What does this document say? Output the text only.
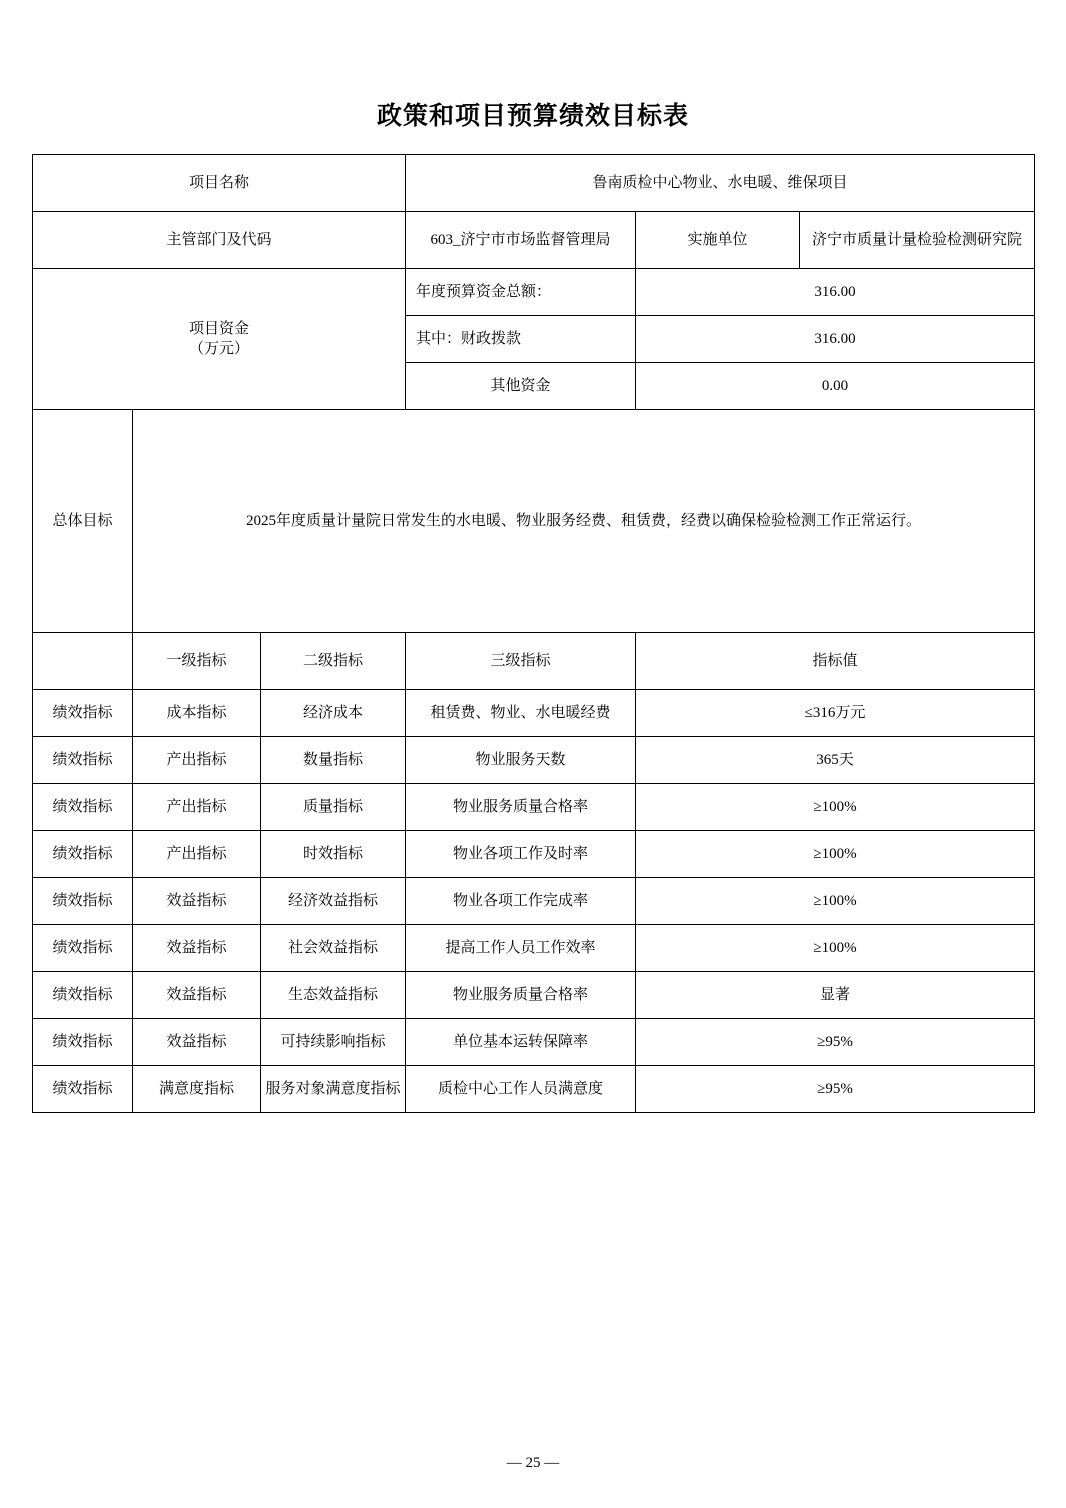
政策和项目预算绩效目标表
项目名称			鲁南质检中心物业、水电暖、维保项目		
主管部门及代码			603_济宁市市场监督管理局	实施单位	济宁市质量计量检验检测研究院

项目资金
（万元）			年度预算资金总额：	316.00	
			其中：财政拨款	316.00	
			其他资金	0.00	
总体目标	2025年度质量计量院日常发生的水电暖、物业服务经费、租赁费，经费以确保检验检测工作正常运行。				
	一级指标	二级指标	三级指标	指标值	
绩效指标	成本指标	经济成本	租赁费、物业、水电暖经费	≤316万元	
绩效指标	产出指标	数量指标	物业服务天数	365天	
绩效指标	产出指标	质量指标	物业服务质量合格率	≥100%	
绩效指标	产出指标	时效指标	物业各项工作及时率	≥100%	
绩效指标	效益指标	经济效益指标	物业各项工作完成率	≥100%	
绩效指标	效益指标	社会效益指标	提高工作人员工作效率	≥100%	
绩效指标	效益指标	生态效益指标	物业服务质量合格率	显著	
绩效指标	效益指标	可持续影响指标	单位基本运转保障率	≥95%	
绩效指标	满意度指标	服务对象满意度指标	质检中心工作人员满意度	≥95%	
— 25 —
